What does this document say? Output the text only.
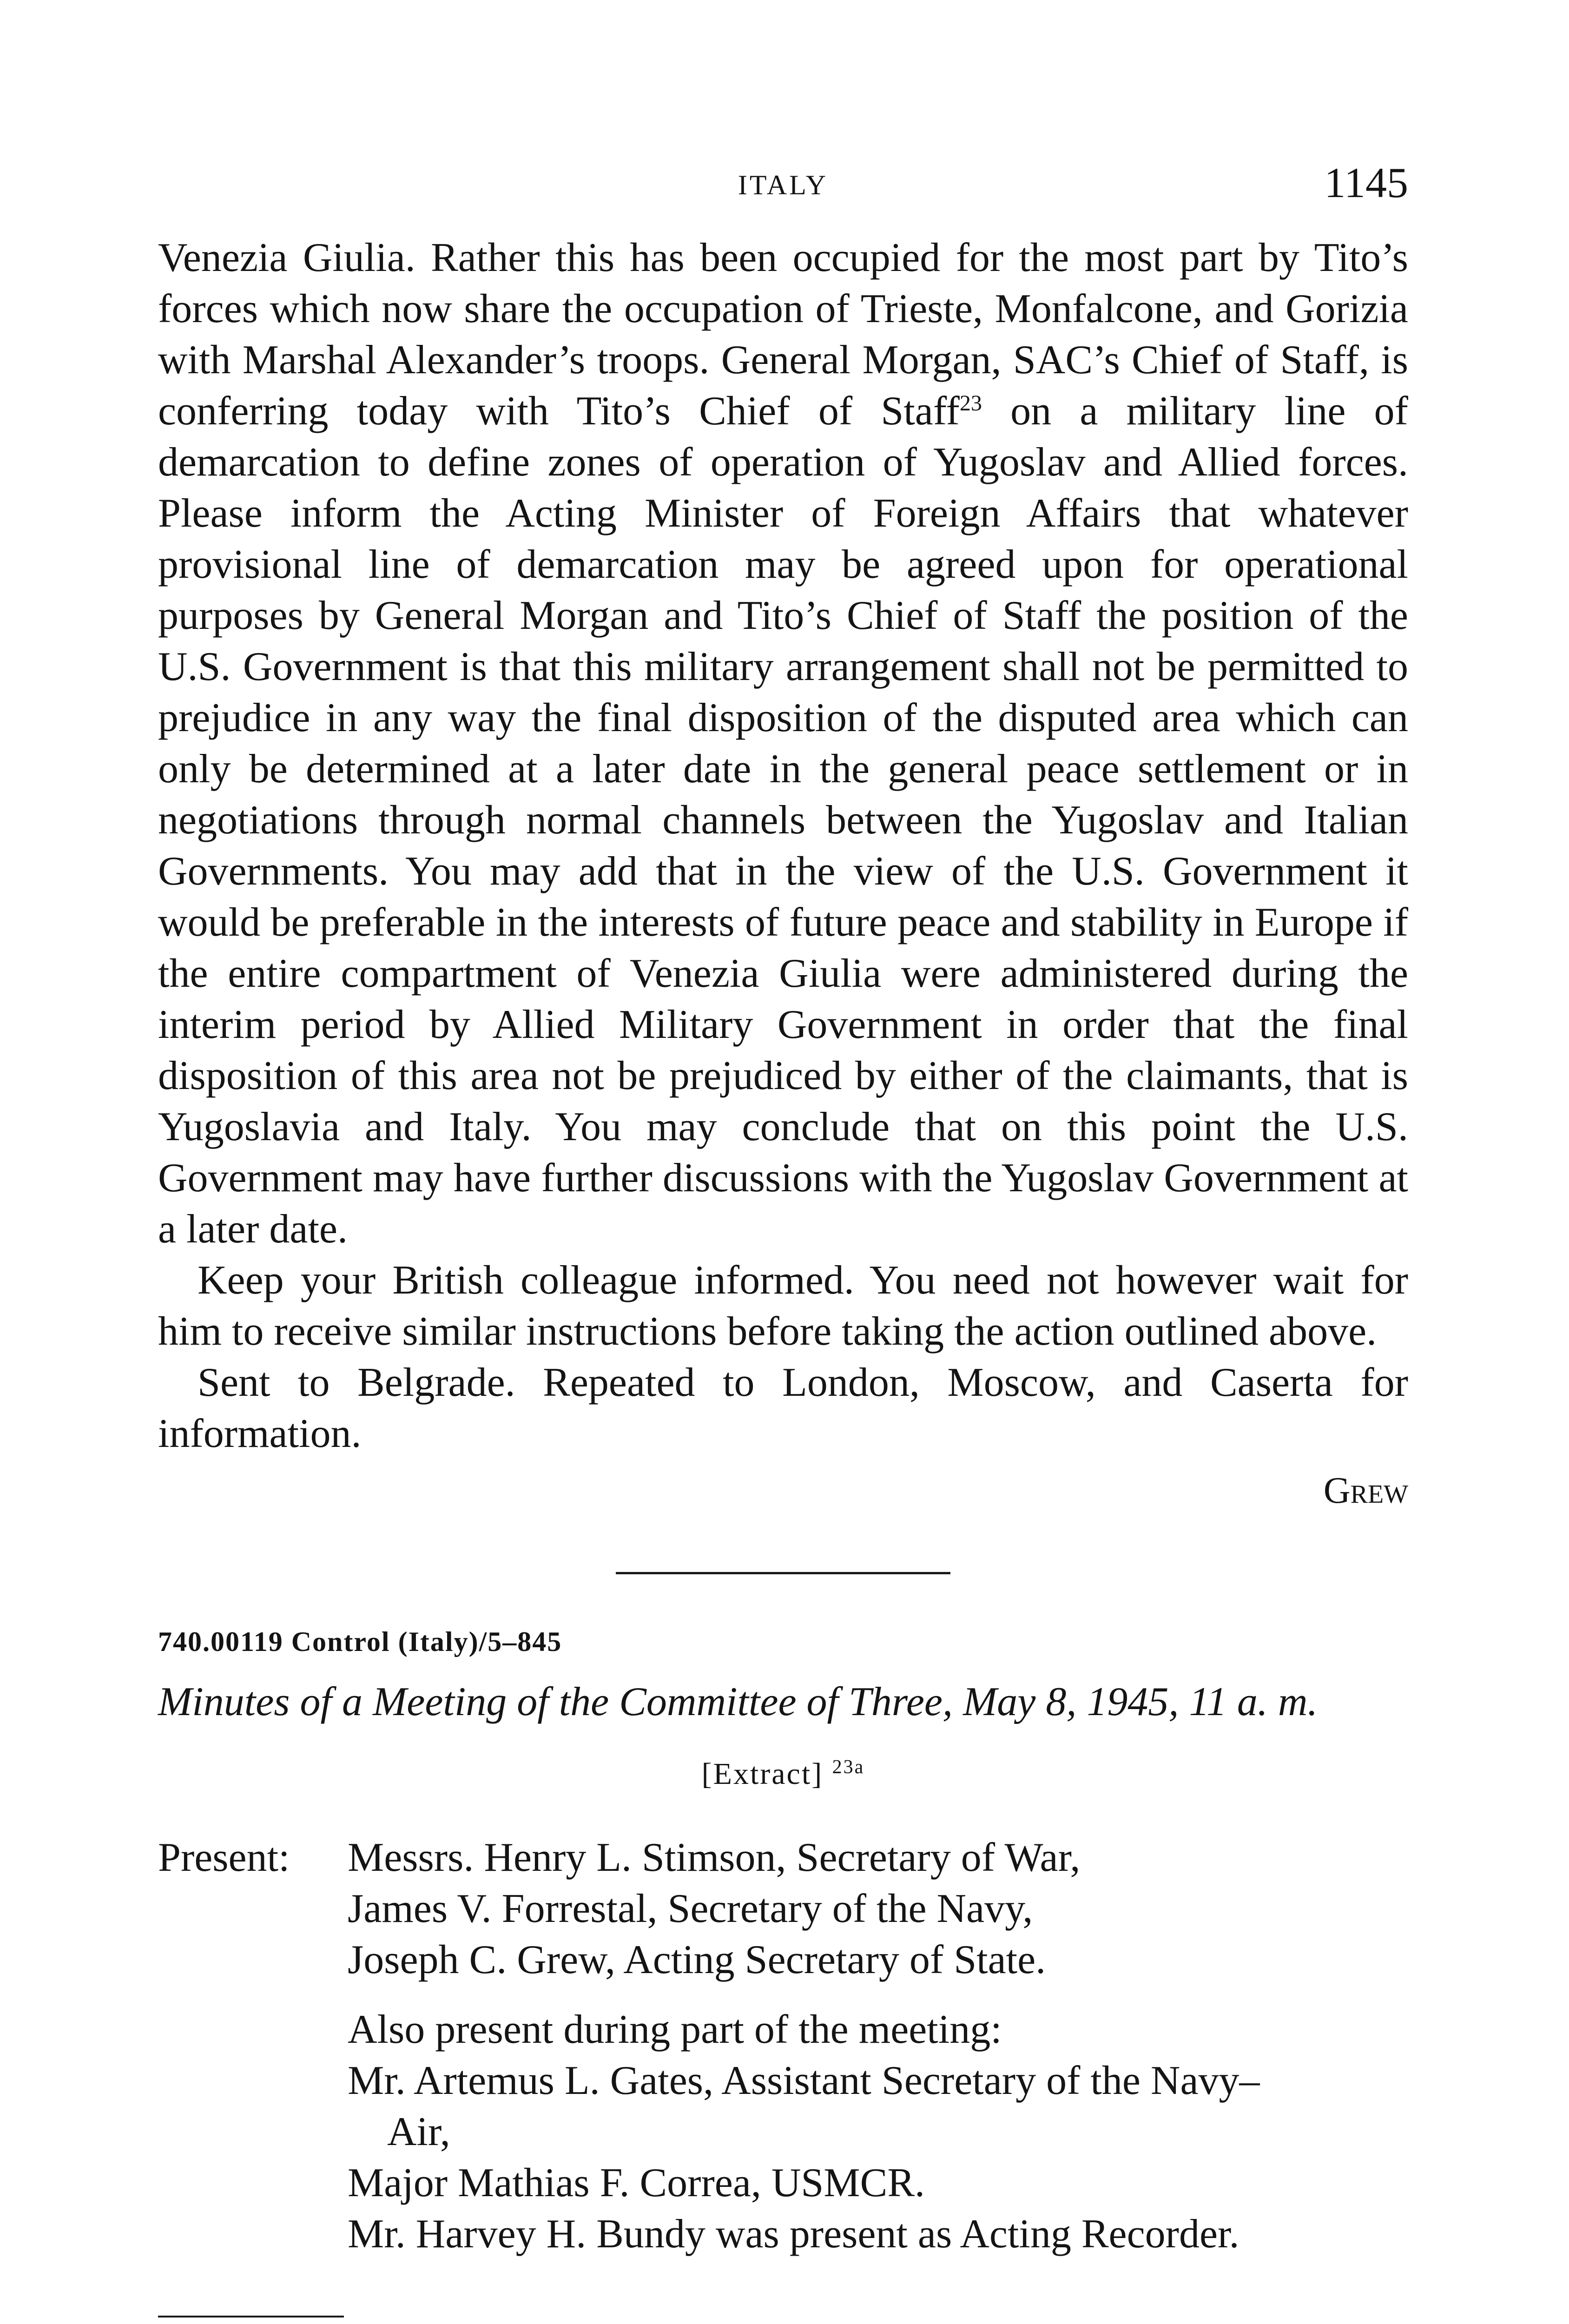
ITALY	1145

Venezia Giulia. Rather this has been occupied for the most part by Tito’s forces which now share the occupation of Trieste, Monfalcone, and Gorizia with Marshal Alexander’s troops. General Morgan, SAC’s Chief of Staff, is conferring today with Tito’s Chief of Staff$^{23}$ on a military line of demarcation to define zones of operation of Yugoslav and Allied forces. Please inform the Acting Minister of Foreign Affairs that whatever provisional line of demarcation may be agreed upon for operational purposes by General Morgan and Tito’s Chief of Staff the position of the U.S. Government is that this military arrangement shall not be permitted to prejudice in any way the final disposition of the disputed area which can only be determined at a later date in the general peace settlement or in negotiations through normal channels between the Yugoslav and Italian Governments. You may add that in the view of the U.S. Government it would be preferable in the interests of future peace and stability in Europe if the entire compartment of Venezia Giulia were administered during the interim period by Allied Military Government in order that the final disposition of this area not be prejudiced by either of the claimants, that is Yugoslavia and Italy. You may conclude that on this point the U.S. Government may have further discussions with the Yugoslav Government at a later date.

Keep your British colleague informed. You need not however wait for him to receive similar instructions before taking the action outlined above.

Sent to Belgrade. Repeated to London, Moscow, and Caserta for information.

Grew
740.00119 Control (Italy)/5–845
Minutes of a Meeting of the Committee of Three, May 8, 1945, 11 a. m.
[Extract] $^{23a}$
Present:	Messrs. Henry L. Stimson, Secretary of War,
James V. Forrestal, Secretary of the Navy,
Joseph C. Grew, Acting Secretary of State.
Also present during part of the meeting:
Mr. Artemus L. Gates, Assistant Secretary of the Navy–
Air,
Major Mathias F. Correa, USMCR.
Mr. Harvey H. Bundy was present as Acting Recorder.
